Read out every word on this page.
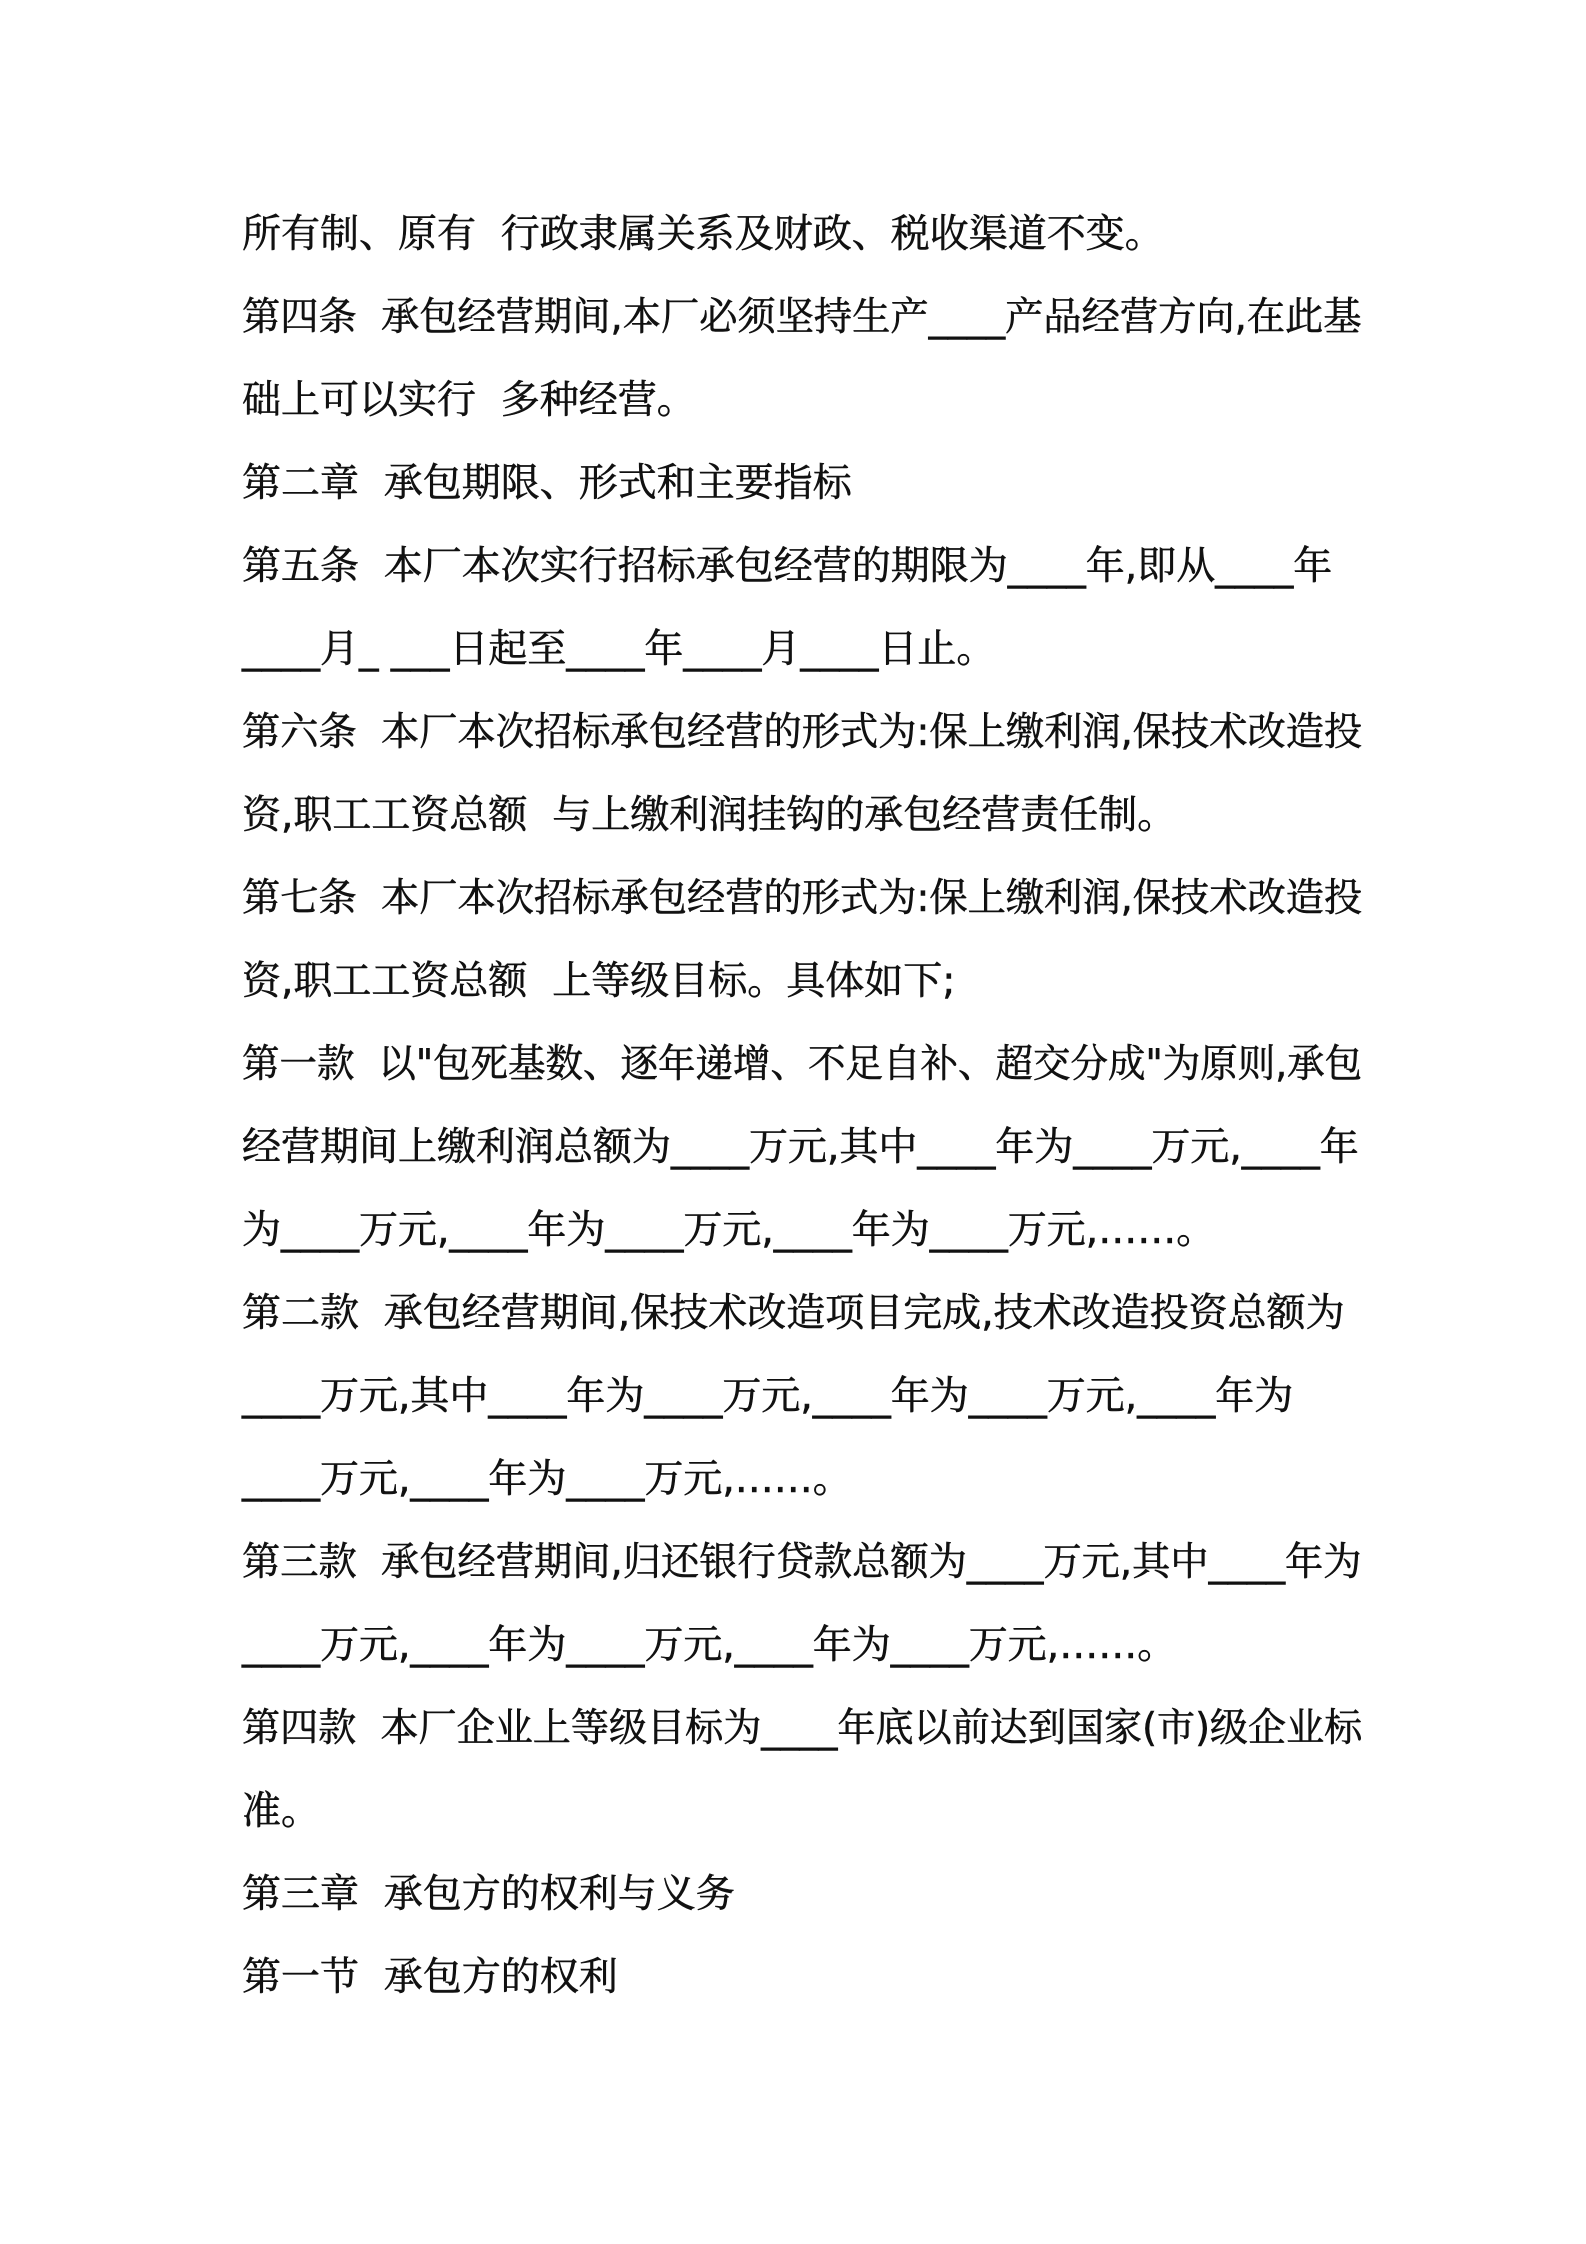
所有制、原有  行政隶属关系及财政、税收渠道不变。
第四条  承包经营期间,本厂必须坚持生产____产品经营方向,在此基
础上可以实行  多种经营。
第二章  承包期限、形式和主要指标
第五条  本厂本次实行招标承包经营的期限为____年,即从____年
____月_ ___日起至____年____月____日止。
第六条  本厂本次招标承包经营的形式为:保上缴利润,保技术改造投
资,职工工资总额  与上缴利润挂钩的承包经营责任制。
第七条  本厂本次招标承包经营的形式为:保上缴利润,保技术改造投
资,职工工资总额  上等级目标。具体如下;
第一款  以"包死基数、逐年递增、不足自补、超交分成"为原则,承包
经营期间上缴利润总额为____万元,其中____年为____万元,____年
为____万元,____年为____万元,____年为____万元,……。
第二款  承包经营期间,保技术改造项目完成,技术改造投资总额为
____万元,其中____年为____万元,____年为____万元,____年为
____万元,____年为____万元,……。
第三款  承包经营期间,归还银行贷款总额为____万元,其中____年为
____万元,____年为____万元,____年为____万元,……。
第四款  本厂企业上等级目标为____年底以前达到国家(市)级企业标
准。
第三章  承包方的权利与义务
第一节  承包方的权利
